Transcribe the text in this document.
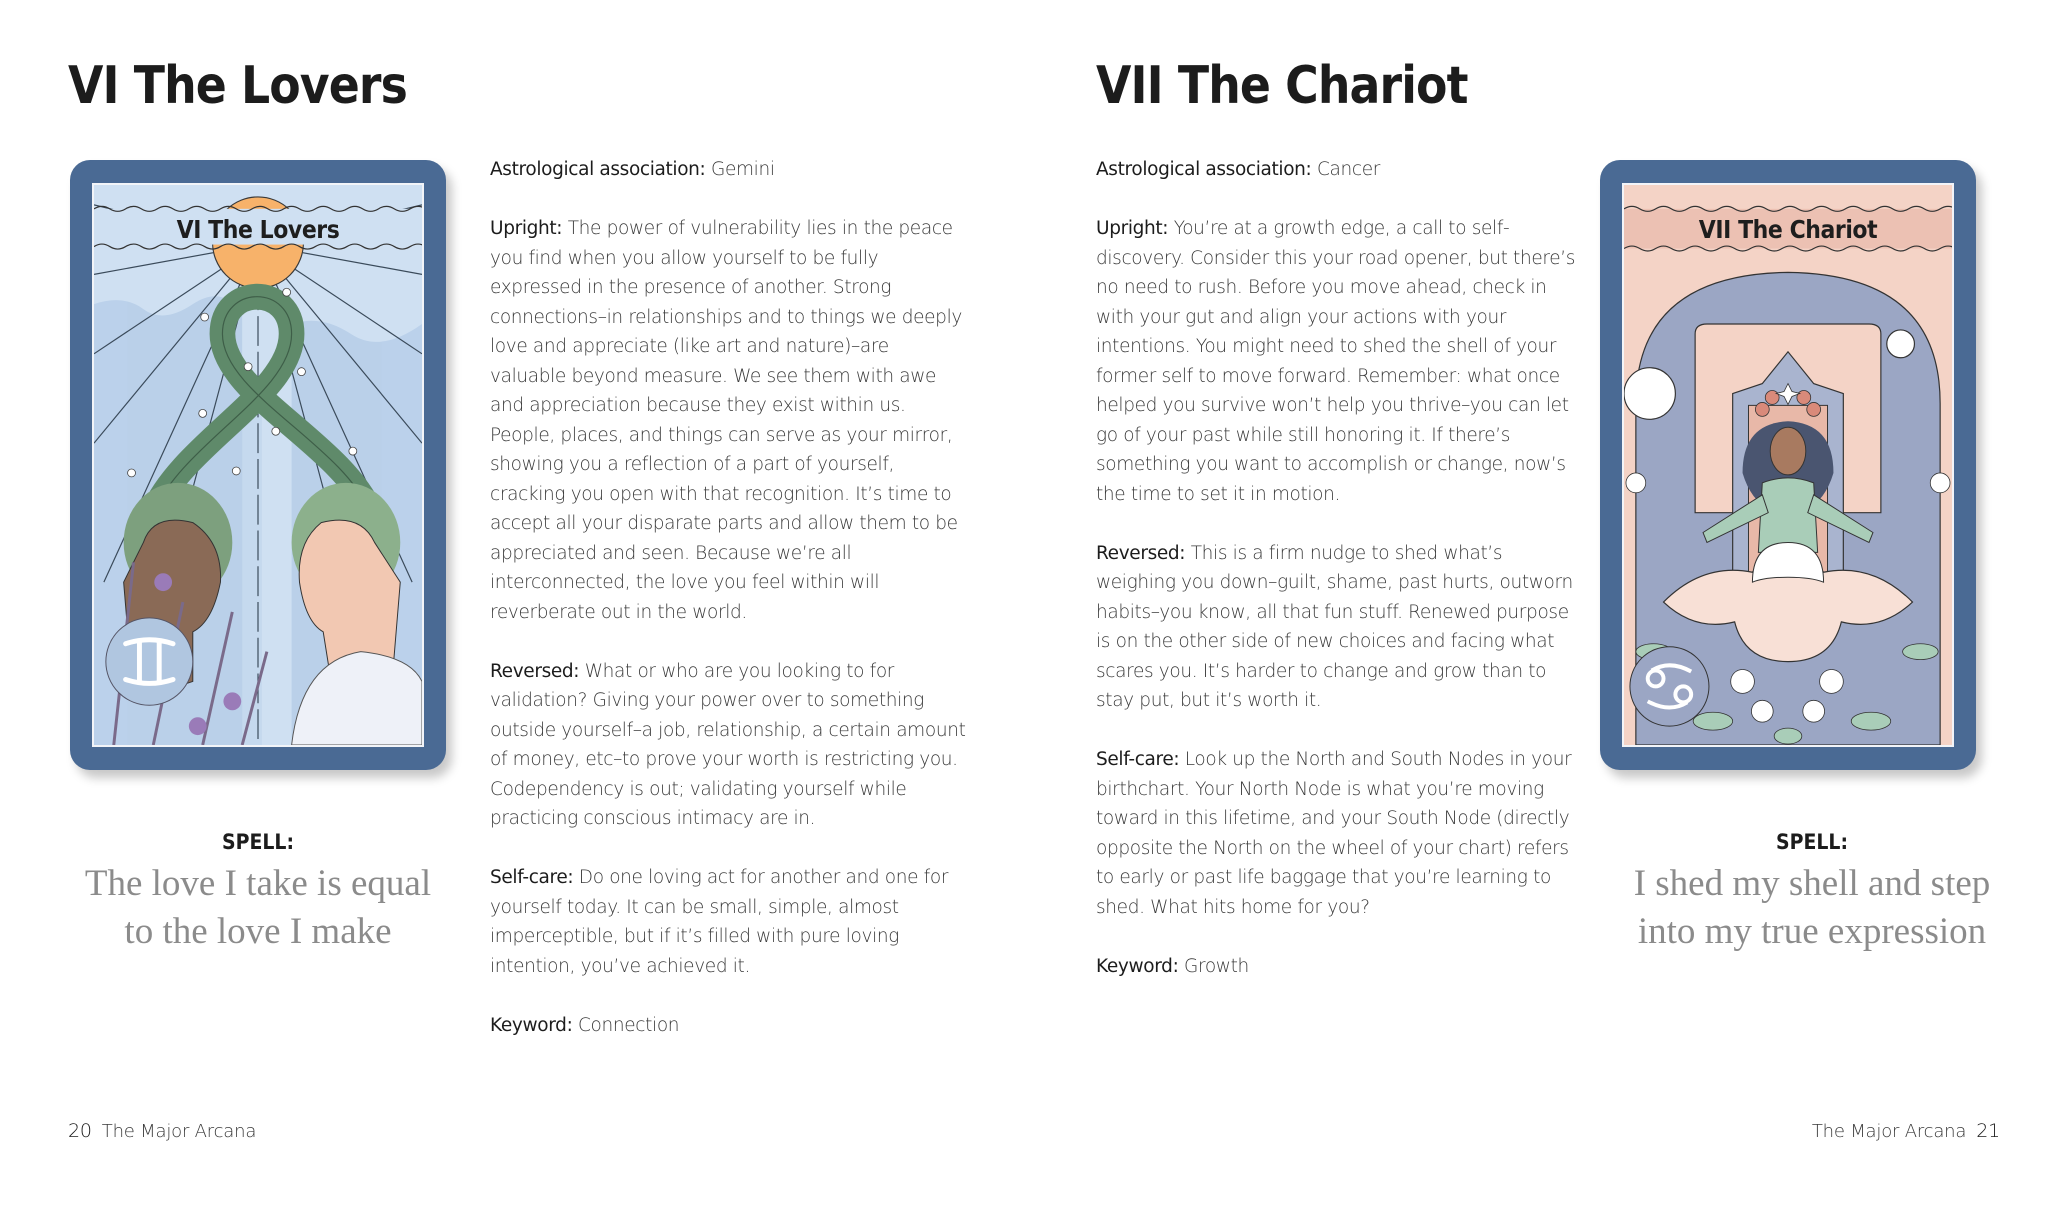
VI The Lovers
VI The Lovers
SPELL:
The love I take is equal
to the love I make

Astrological association: Gemini

Upright: The power of vulnerability lies in the peace you find when you allow yourself to be fully expressed in the presence of another. Strong connections–in relationships and to things we deeply love and appreciate (like art and nature)–are valuable beyond measure. We see them with awe and appreciation because they exist within us. People, places, and things can serve as your mirror, showing you a reflection of a part of yourself, cracking you open with that recognition. It’s time to accept all your disparate parts and allow them to be appreciated and seen. Because we’re all interconnected, the love you feel within will reverberate out in the world.

Reversed: What or who are you looking to for validation? Giving your power over to something outside yourself–a job, relationship, a certain amount of money, etc–to prove your worth is restricting you. Codependency is out; validating yourself while practicing conscious intimacy are in.

Self-care: Do one loving act for another and one for yourself today. It can be small, simple, almost imperceptible, but if it’s filled with pure loving intention, you’ve achieved it.

Keyword: Connection

20 The Major Arcana
VII The Chariot

Astrological association: Cancer

Upright: You’re at a growth edge, a call to self-discovery. Consider this your road opener, but there’s no need to rush. Before you move ahead, check in with your gut and align your actions with your intentions. You might need to shed the shell of your former self to move forward. Remember: what once helped you survive won’t help you thrive–you can let go of your past while still honoring it. If there’s something you want to accomplish or change, now’s the time to set it in motion.

Reversed: This is a firm nudge to shed what’s weighing you down–guilt, shame, past hurts, outworn habits–you know, all that fun stuff. Renewed purpose is on the other side of new choices and facing what scares you. It’s harder to change and grow than to stay put, but it’s worth it.

Self-care: Look up the North and South Nodes in your birthchart. Your North Node is what you’re moving toward in this lifetime, and your South Node (directly opposite the North on the wheel of your chart) refers to early or past life baggage that you’re learning to shed. What hits home for you?

Keyword: Growth

VII The Chariot
SPELL:
I shed my shell and step
into my true expression
The Major Arcana 21
